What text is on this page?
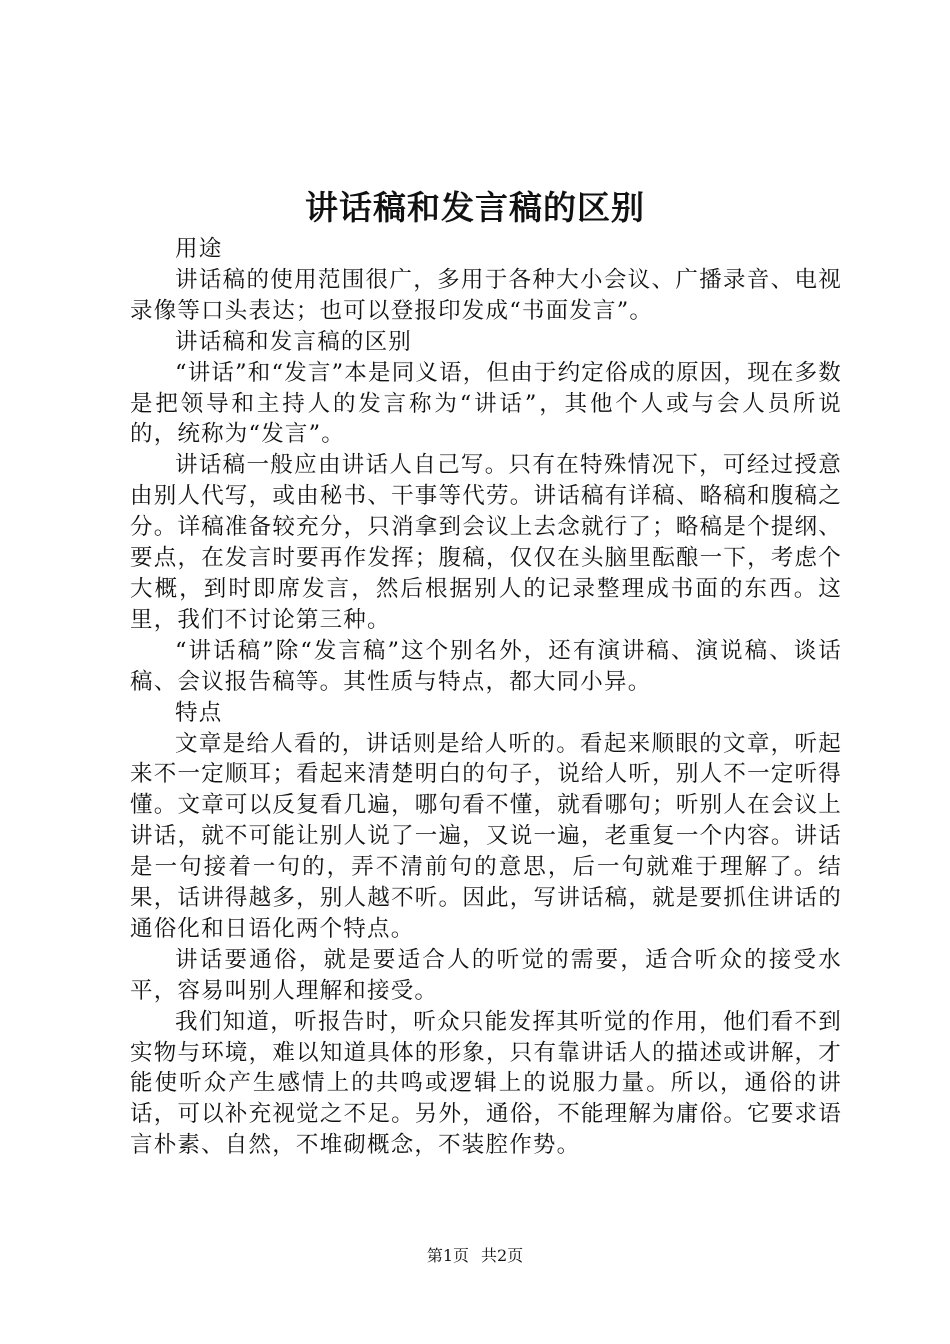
讲话稿和发言稿的区别

用途

讲话稿的使用范围很广，多用于各种大小会议、广播录音、电视录像等口头表达；也可以登报印发成“书面发言”。

讲话稿和发言稿的区别

“讲话”和“发言”本是同义语，但由于约定俗成的原因，现在多数是把领导和主持人的发言称为“讲话”，其他个人或与会人员所说的，统称为“发言”。

讲话稿一般应由讲话人自己写。只有在特殊情况下，可经过授意由别人代写，或由秘书、干事等代劳。讲话稿有详稿、略稿和腹稿之分。详稿准备较充分，只消拿到会议上去念就行了；略稿是个提纲、要点，在发言时要再作发挥；腹稿，仅仅在头脑里酝酿一下，考虑个大概，到时即席发言，然后根据别人的记录整理成书面的东西。这里，我们不讨论第三种。

“讲话稿”除“发言稿”这个别名外，还有演讲稿、演说稿、谈话稿、会议报告稿等。其性质与特点，都大同小异。

特点

文章是给人看的，讲话则是给人听的。看起来顺眼的文章，听起来不一定顺耳；看起来清楚明白的句子，说给人听，别人不一定听得懂。文章可以反复看几遍，哪句看不懂，就看哪句；听别人在会议上讲话，就不可能让别人说了一遍，又说一遍，老重复一个内容。讲话是一句接着一句的，弄不清前句的意思，后一句就难于理解了。结果，话讲得越多，别人越不听。因此，写讲话稿，就是要抓住讲话的通俗化和日语化两个特点。

讲话要通俗，就是要适合人的听觉的需要，适合听众的接受水平，容易叫别人理解和接受。

我们知道，听报告时，听众只能发挥其听觉的作用，他们看不到实物与环境，难以知道具体的形象，只有靠讲话人的描述或讲解，才能使听众产生感情上的共鸣或逻辑上的说服力量。所以，通俗的讲话，可以补充视觉之不足。另外，通俗，不能理解为庸俗。它要求语言朴素、自然，不堆砌概念，不装腔作势。

第1页 共2页
